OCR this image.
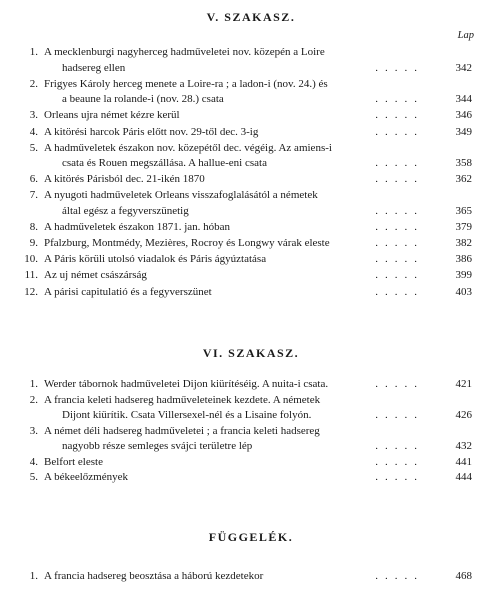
V. SZAKASZ.
Lap
1. A mecklenburgi nagyherceg hadműveletei nov. közepén a Loire
hadsereg ellen	.....	342
2. Frigyes Károly herceg menete a Loire-ra ; a ladon-i (nov. 24.) és
a beaune la rolande-i (nov. 28.) csata	.....	344
3. Orleans ujra német kézre kerül	.....	346
4. A kitörési harcok Páris előtt nov. 29-től dec. 3-ig	.....	349
5. A hadműveletek északon nov. közepétől dec. végéig. Az amiens-i
csata és Rouen megszállása. A hallue-eni csata	.....	358
6. A kitörés Párisból dec. 21-ikén 1870	.....	362
7. A nyugoti hadműveletek Orleans visszafoglalásától a németek
által egész a fegyverszünetig	.....	365
8. A hadműveletek északon 1871. jan. hóban	.....	379
9. Pfalzburg, Montmédy, Mezières, Rocroy és Longwy várak eleste	.....	382
10. A Páris körüli utolsó viadalok és Páris ágyúztatása	.....	386
11. Az uj német császárság	.....	399
12. A párisi capitulatió és a fegyverszünet	.....	403
VI. SZAKASZ.
1. Werder tábornok hadműveletei Dijon kiürítéséig. A nuita-i csata.	.....	421
2. A francia keleti hadsereg hadműveleteinek kezdete. A németek
Dijont kiürítik. Csata Villersexel-nél és a Lisaine folyón.	.....	426
3. A német déli hadsereg hadműveletei ; a francia keleti hadsereg
nagyobb része semleges svájci területre lép	.....	432
4. Belfort eleste	.....	441
5. A békeelőzmények	.....	444
FÜGGELÉK.
1. A francia hadsereg beosztása a háború kezdetekor	.....	468
